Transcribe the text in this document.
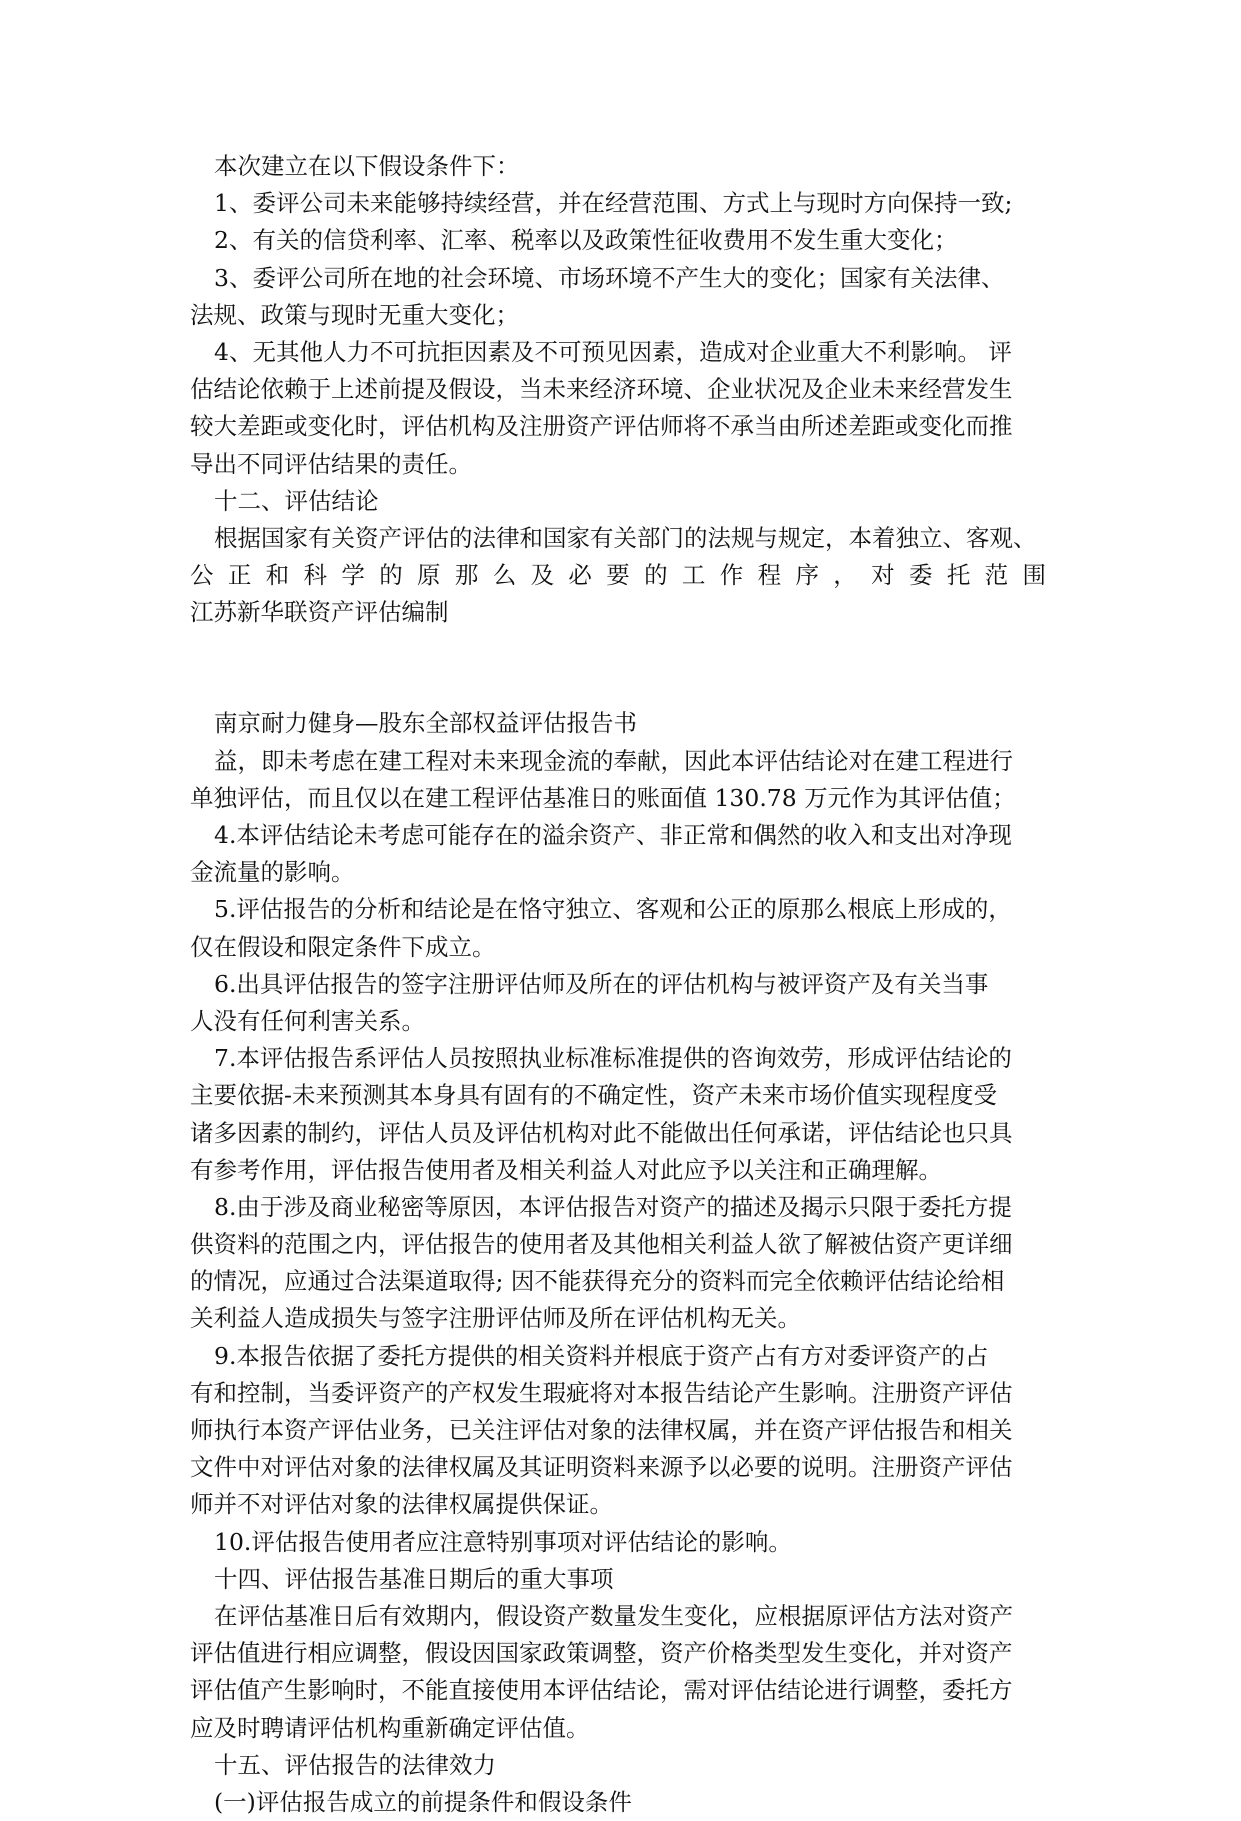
本次建立在以下假设条件下：
1、委评公司未来能够持续经营，并在经营范围、方式上与现时方向保持一致;
2、有关的信贷利率、汇率、税率以及政策性征收费用不发生重大变化；
3、委评公司所在地的社会环境、市场环境不产生大的变化；国家有关法律、
法规、政策与现时无重大变化；
4、无其他人力不可抗拒因素及不可预见因素，造成对企业重大不利影响。 评
估结论依赖于上述前提及假设，当未来经济环境、企业状况及企业未来经营发生
较大差距或变化时，评估机构及注册资产评估师将不承当由所述差距或变化而推
导出不同评估结果的责任。
十二、评估结论
根据国家有关资产评估的法律和国家有关部门的法规与规定，本着独立、客观、
公 正 和 科 学 的 原 那 么 及 必 要 的 工 作 程 序 ， 对 委 托 范 围
江苏新华联资产评估编制
南京耐力健身—股东全部权益评估报告书
益，即未考虑在建工程对未来现金流的奉献，因此本评估结论对在建工程进行
单独评估，而且仅以在建工程评估基准日的账面值 130.78 万元作为其评估值；
4.本评估结论未考虑可能存在的溢余资产、非正常和偶然的收入和支出对净现
金流量的影响。
5.评估报告的分析和结论是在恪守独立、客观和公正的原那么根底上形成的，
仅在假设和限定条件下成立。
6.出具评估报告的签字注册评估师及所在的评估机构与被评资产及有关当事
人没有任何利害关系。
7.本评估报告系评估人员按照执业标准标准提供的咨询效劳，形成评估结论的
主要依据-未来预测其本身具有固有的不确定性，资产未来市场价值实现程度受
诸多因素的制约，评估人员及评估机构对此不能做出任何承诺，评估结论也只具
有参考作用，评估报告使用者及相关利益人对此应予以关注和正确理解。
8.由于涉及商业秘密等原因，本评估报告对资产的描述及揭示只限于委托方提
供资料的范围之内，评估报告的使用者及其他相关利益人欲了解被估资产更详细
的情况，应通过合法渠道取得; 因不能获得充分的资料而完全依赖评估结论给相
关利益人造成损失与签字注册评估师及所在评估机构无关。
9.本报告依据了委托方提供的相关资料并根底于资产占有方对委评资产的占
有和控制，当委评资产的产权发生瑕疵将对本报告结论产生影响。注册资产评估
师执行本资产评估业务，已关注评估对象的法律权属，并在资产评估报告和相关
文件中对评估对象的法律权属及其证明资料来源予以必要的说明。注册资产评估
师并不对评估对象的法律权属提供保证。
10.评估报告使用者应注意特别事项对评估结论的影响。
十四、评估报告基准日期后的重大事项
在评估基准日后有效期内，假设资产数量发生变化，应根据原评估方法对资产
评估值进行相应调整，假设因国家政策调整，资产价格类型发生变化，并对资产
评估值产生影响时，不能直接使用本评估结论，需对评估结论进行调整，委托方
应及时聘请评估机构重新确定评估值。
十五、评估报告的法律效力
(一)评估报告成立的前提条件和假设条件
